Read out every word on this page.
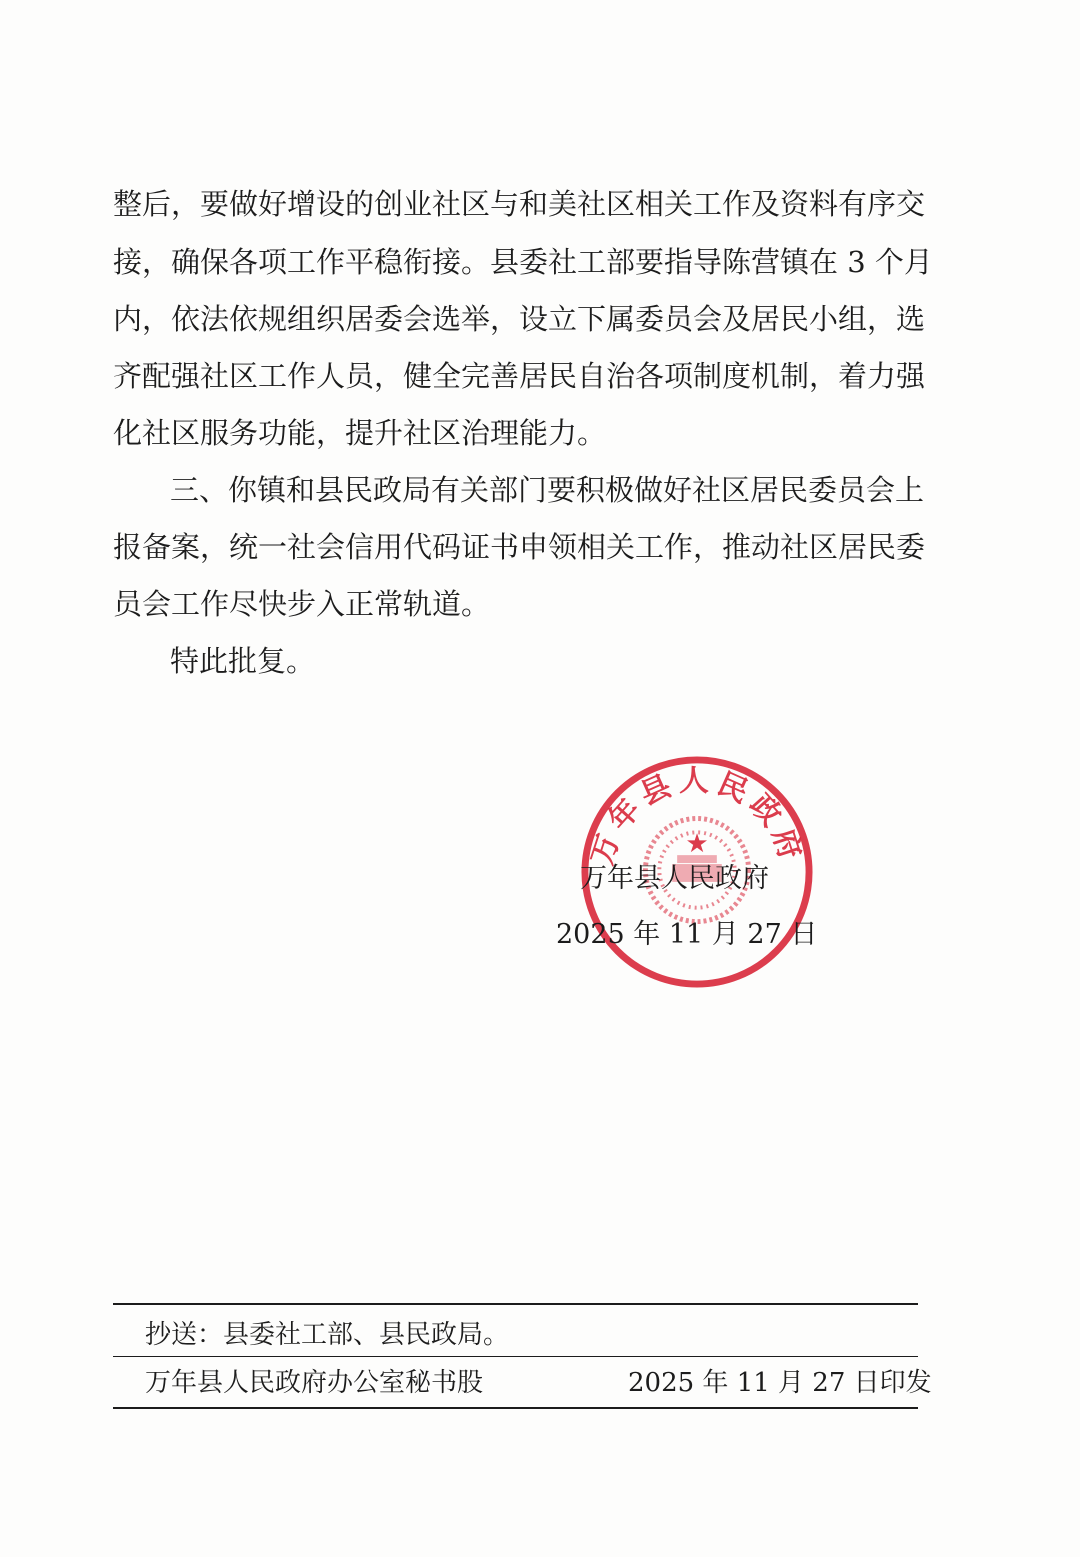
整后，要做好增设的创业社区与和美社区相关工作及资料有序交
接，确保各项工作平稳衔接。县委社工部要指导陈营镇在 3 个月
内，依法依规组织居委会选举，设立下属委员会及居民小组，选
齐配强社区工作人员，健全完善居民自治各项制度机制，着力强
化社区服务功能，提升社区治理能力。
三、你镇和县民政局有关部门要积极做好社区居民委员会上
报备案，统一社会信用代码证书申领相关工作，推动社区居民委
员会工作尽快步入正常轨道。
特此批复。
万年县人民政府
★
万年县人民政府
2025 年 11 月 27 日
抄送：县委社工部、县民政局。
万年县人民政府办公室秘书股	2025 年 11 月 27 日印发
